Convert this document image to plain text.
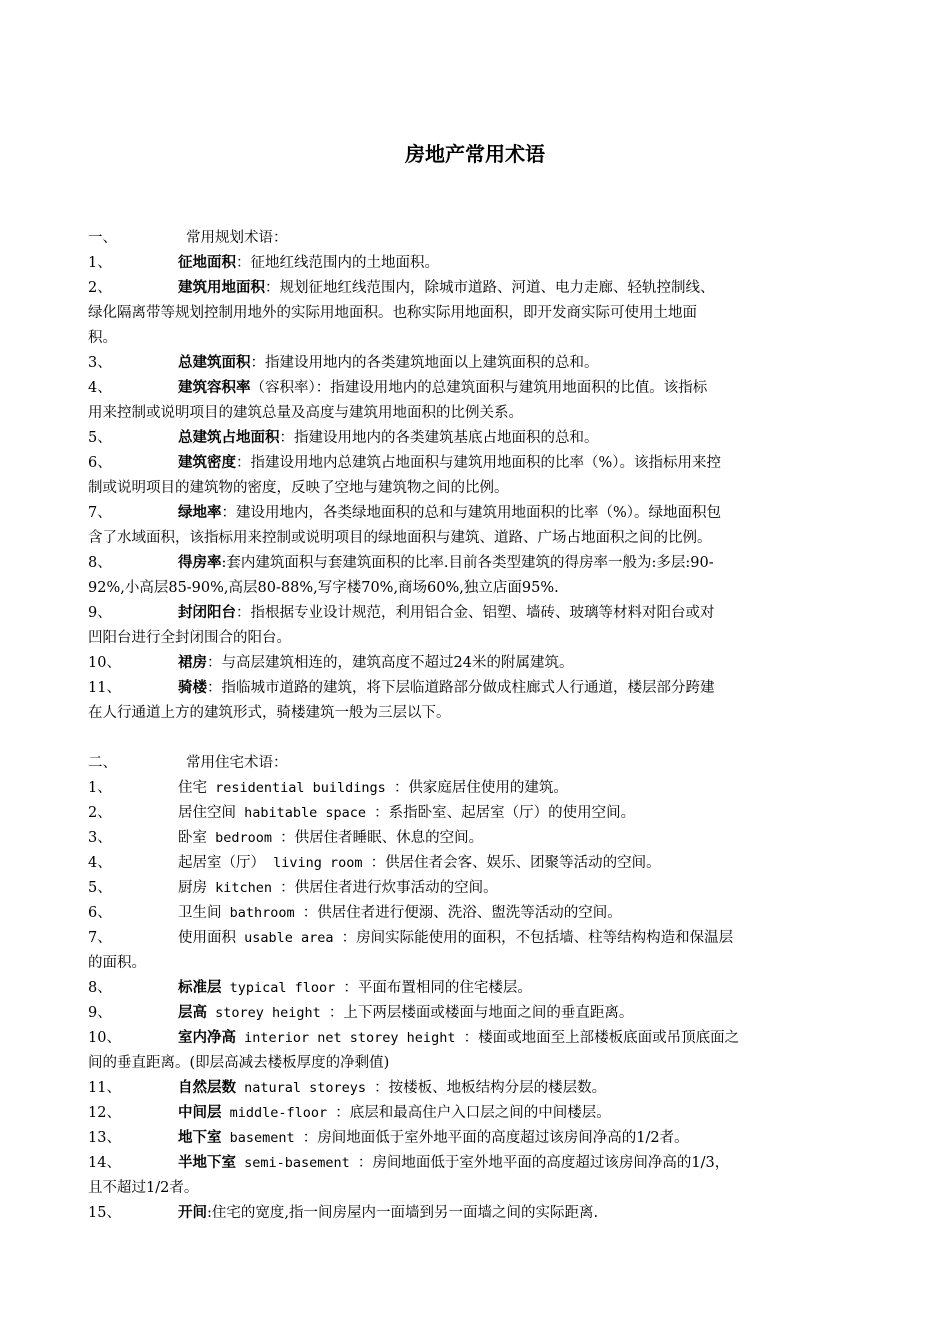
房地产常用术语
一、	常用规划术语：
1、	征地面积：征地红线范围内的土地面积。
2、	建筑用地面积：规划征地红线范围内，除城市道路、河道、电力走廊、轻轨控制线、
绿化隔离带等规划控制用地外的实际用地面积。也称实际用地面积，即开发商实际可使用土地面
积。
3、	总建筑面积：指建设用地内的各类建筑地面以上建筑面积的总和。
4、	建筑容积率（容积率）：指建设用地内的总建筑面积与建筑用地面积的比值。该指标
用来控制或说明项目的建筑总量及高度与建筑用地面积的比例关系。
5、	总建筑占地面积：指建设用地内的各类建筑基底占地面积的总和。
6、	建筑密度：指建设用地内总建筑占地面积与建筑用地面积的比率（%）。该指标用来控
制或说明项目的建筑物的密度，反映了空地与建筑物之间的比例。
7、	绿地率：建设用地内，各类绿地面积的总和与建筑用地面积的比率（%）。绿地面积包
含了水域面积，该指标用来控制或说明项目的绿地面积与建筑、道路、广场占地面积之间的比例。
8、	得房率:套内建筑面积与套建筑面积的比率.目前各类型建筑的得房率一般为:多层:90-
92%,小高层85-90%,高层80-88%,写字楼70%,商场60%,独立店面95%.
9、	封闭阳台：指根据专业设计规范，利用铝合金、铝塑、墙砖、玻璃等材料对阳台或对
凹阳台进行全封闭围合的阳台。
10、	裙房：与高层建筑相连的，建筑高度不超过24米的附属建筑。
11、	骑楼：指临城市道路的建筑，将下层临道路部分做成柱廊式人行通道，楼层部分跨建
在人行通道上方的建筑形式，骑楼建筑一般为三层以下。
二、	常用住宅术语：
1、	住宅 residential buildings ：供家庭居住使用的建筑。
2、	居住空间 habitable space ：系指卧室、起居室（厅）的使用空间。
3、	卧室 bedroom ：供居住者睡眠、休息的空间。
4、	起居室（厅） living room ：供居住者会客、娱乐、团聚等活动的空间。
5、	厨房 kitchen ：供居住者进行炊事活动的空间。
6、	卫生间 bathroom ：供居住者进行便溺、洗浴、盥洗等活动的空间。
7、	使用面积 usable area ：房间实际能使用的面积，不包括墙、柱等结构构造和保温层
的面积。
8、	标准层 typical floor ：平面布置相同的住宅楼层。
9、	层高 storey height ：上下两层楼面或楼面与地面之间的垂直距离。
10、	室内净高 interior net storey height ：楼面或地面至上部楼板底面或吊顶底面之
间的垂直距离。(即层高减去楼板厚度的净剩值)
11、	自然层数 natural storeys ：按楼板、地板结构分层的楼层数。
12、	中间层 middle-floor ：底层和最高住户入口层之间的中间楼层。
13、	地下室 basement ：房间地面低于室外地平面的高度超过该房间净高的1/2者。
14、	半地下室 semi-basement ：房间地面低于室外地平面的高度超过该房间净高的1/3，
且不超过1/2者。
15、	开间:住宅的宽度,指一间房屋内一面墙到另一面墙之间的实际距离.
